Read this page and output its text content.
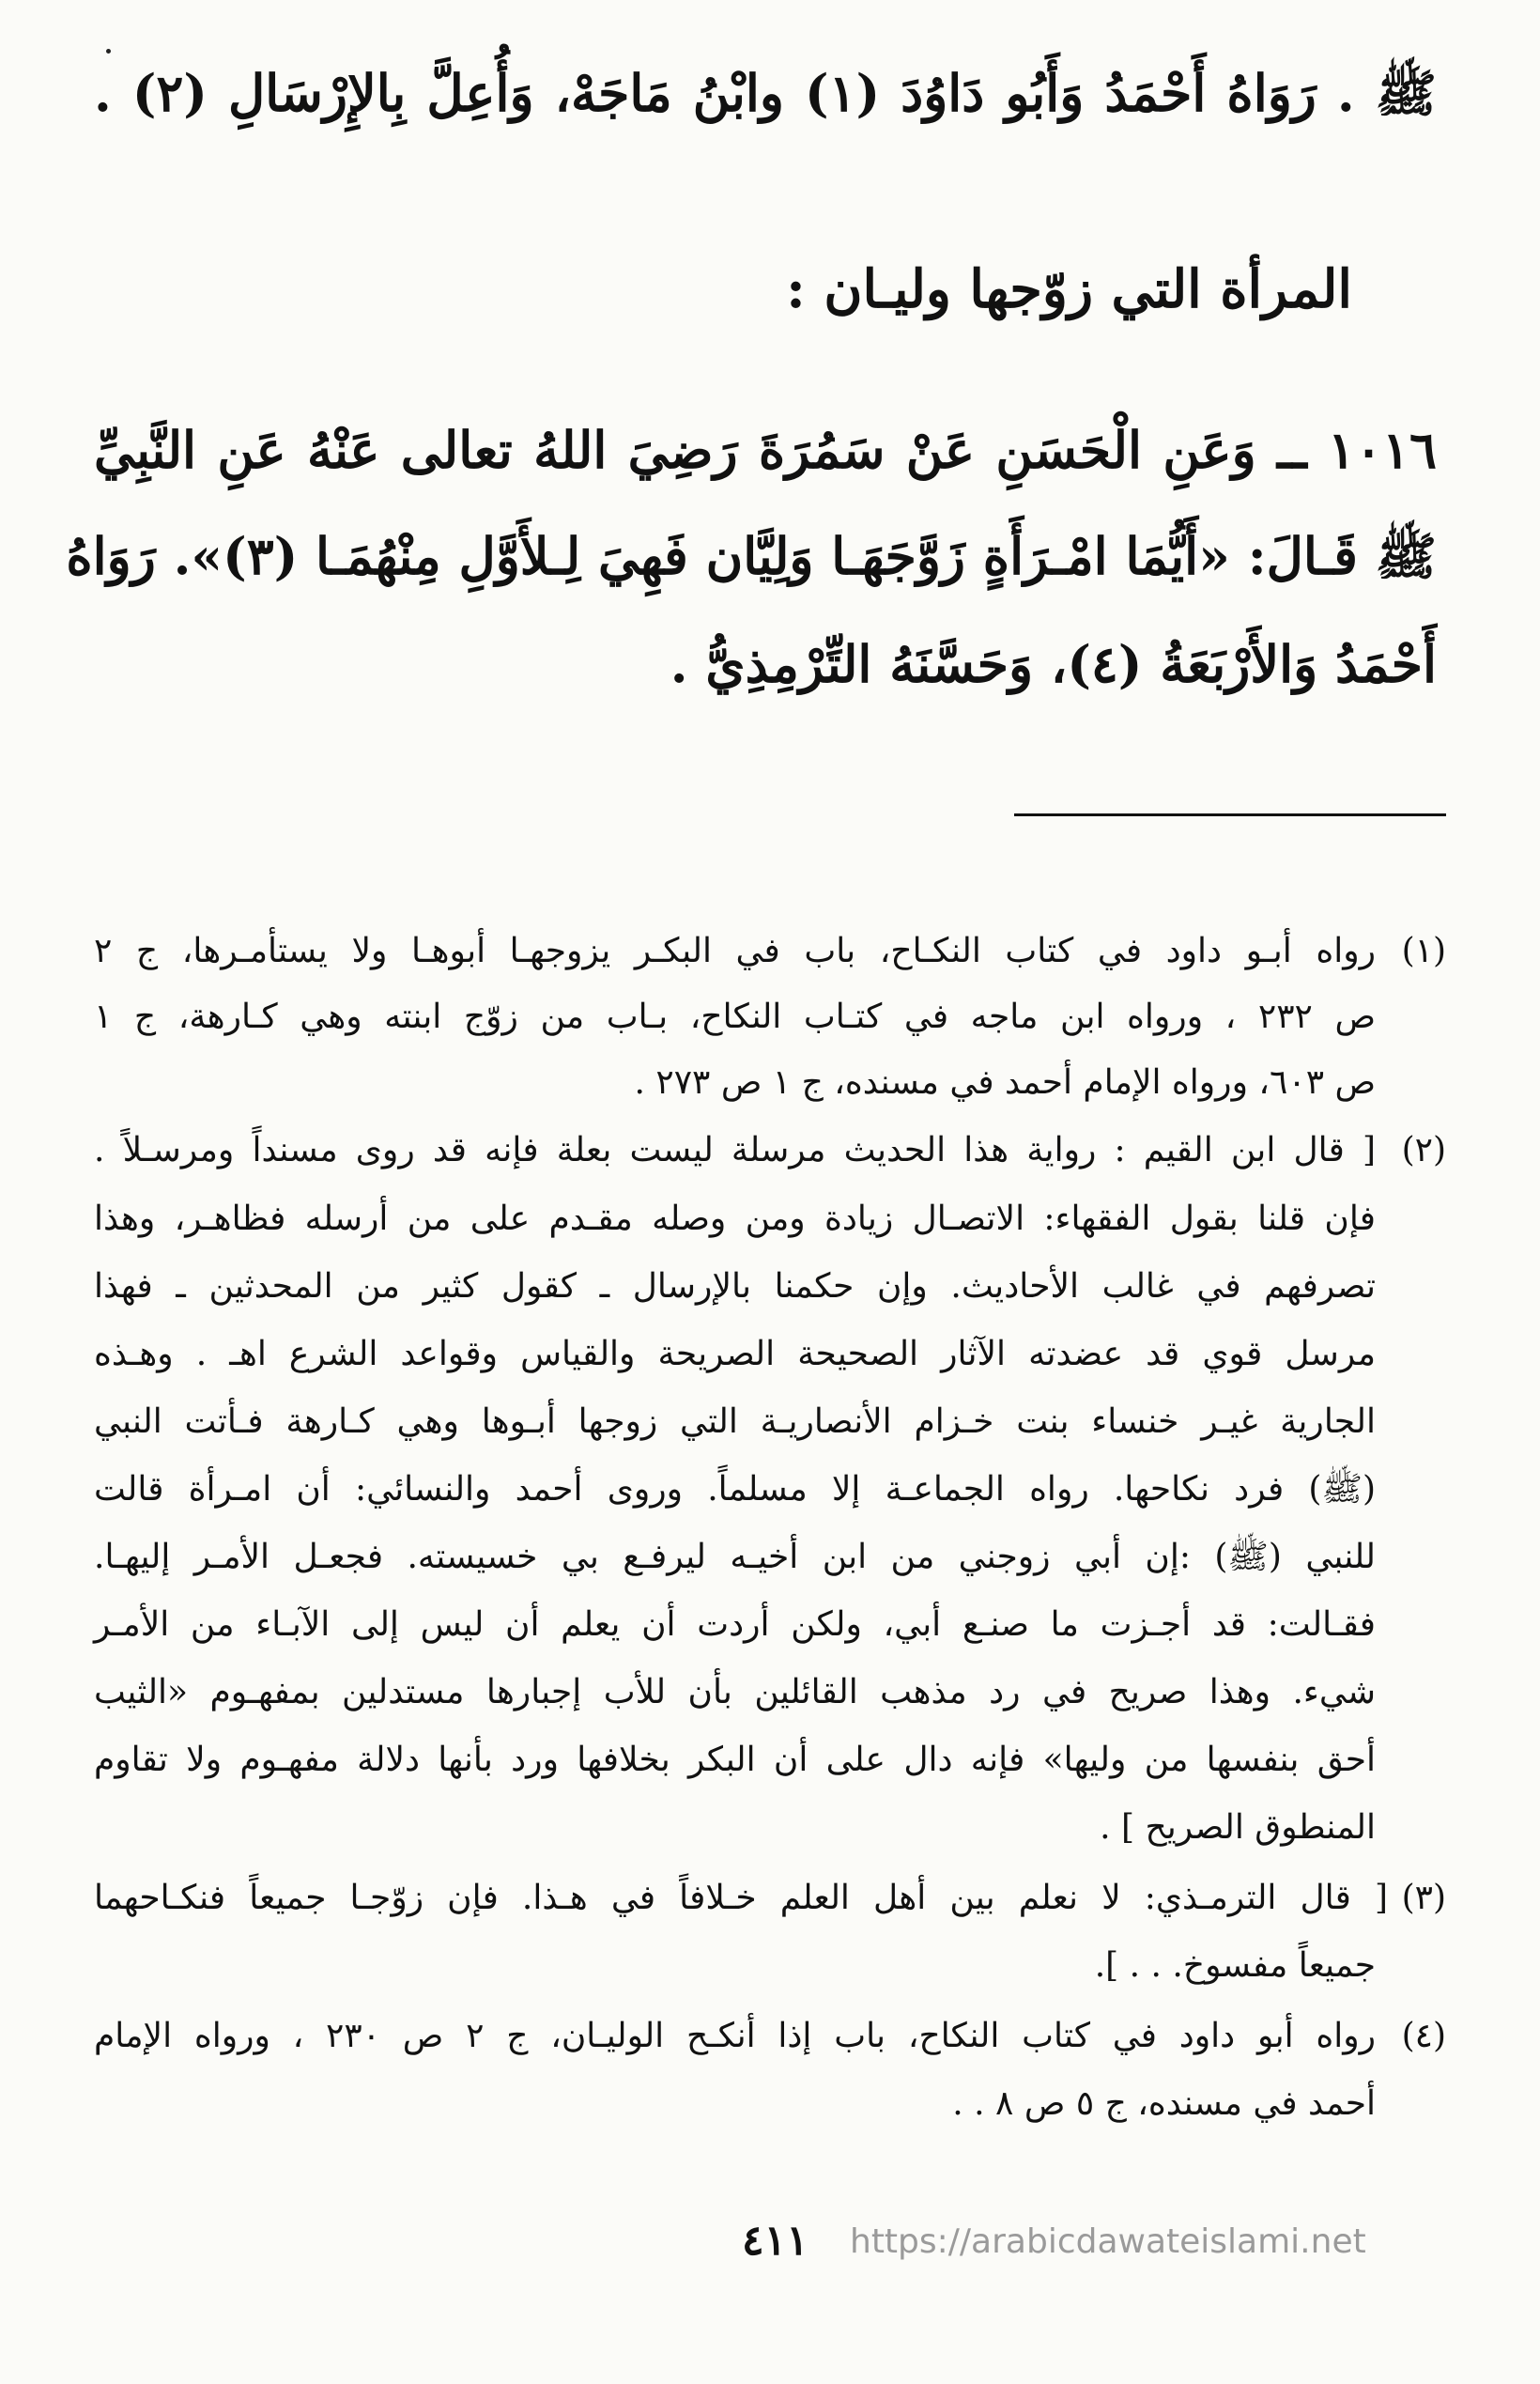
ﷺ . رَوَاهُ أَحْمَدُ وَأَبُو دَاوُدَ (١) وابْنُ مَاجَهْ، وَأُعِلَّ بِالإِرْسَالِ (٢) .
المرأة التي زوّجها وليـان :
١٠١٦ ــ وَعَنِ الْحَسَنِ عَنْ سَمُرَةَ رَضِيَ اللهُ تعالى عَنْهُ عَنِ النَّبِيِّ
ﷺ قَـالَ: «أَيُّمَا امْـرَأَةٍ زَوَّجَهَـا وَلِيَّان فَهِيَ لِـلأَوَّلِ مِنْهُمَـا (٣)». رَوَاهُ
أَحْمَدُ وَالأَرْبَعَةُ (٤)، وَحَسَّنَهُ التِّرْمِذِيُّ .
(١)
رواه أبـو داود في كتاب النكـاح، باب في البكـر يزوجهـا أبوهـا ولا يستأمـرها، ج ٢
ص ٢٣٢ ، ورواه ابن ماجه في كتـاب النكاح، بـاب من زوّج ابنته وهي كـارهة، ج ١
ص ٦٠٣، ورواه الإمام أحمد في مسنده، ج ١ ص ٢٧٣ .
(٢)
[ قال ابن القيم : رواية هذا الحديث مرسلة ليست بعلة فإنه قد روى مسنداً ومرسـلاً .
فإن قلنا بقول الفقهاء: الاتصـال زيادة ومن وصله مقـدم على من أرسله فظاهـر، وهذا
تصرفهم في غالب الأحاديث. وإن حكمنا بالإرسال ـ كقول كثير من المحدثين ـ فهذا
مرسل قوي قد عضدته الآثار الصحيحة الصريحة والقياس وقواعد الشرع اهـ . وهـذه
الجارية غيـر خنساء بنت خـزام الأنصاريـة التي زوجها أبـوها وهي كـارهة فـأتت النبي
(ﷺ) فرد نكاحها. رواه الجماعـة إلا مسلماً. وروى أحمد والنسائي: أن امـرأة قالت
للنبي (ﷺ) :إن أبي زوجني من ابن أخيـه ليرفـع بي خسيسته. فجعـل الأمـر إليهـا.
فقـالت: قد أجـزت ما صنـع أبي، ولكن أردت أن يعلم أن ليس إلى الآبـاء من الأمـر
شيء. وهذا صريح في رد مذهب القائلين بأن للأب إجبارها مستدلين بمفهـوم «الثيب
أحق بنفسها من وليها» فإنه دال على أن البكر بخلافها ورد بأنها دلالة مفهـوم ولا تقاوم
المنطوق الصريح ] .
(٣)
[ قال الترمـذي: لا نعلم بين أهل العلم خـلافاً في هـذا. فإن زوّجـا جميعاً فنكـاحهما
جميعاً مفسوخ. . . ].
(٤)
رواه أبو داود في كتاب النكاح، باب إذا أنكـح الوليـان، ج ٢ ص ٢٣٠ ، ورواه الإمام
أحمد في مسنده، ج ٥ ص ٨ . .
٤١١ https://arabicdawateislami.net
